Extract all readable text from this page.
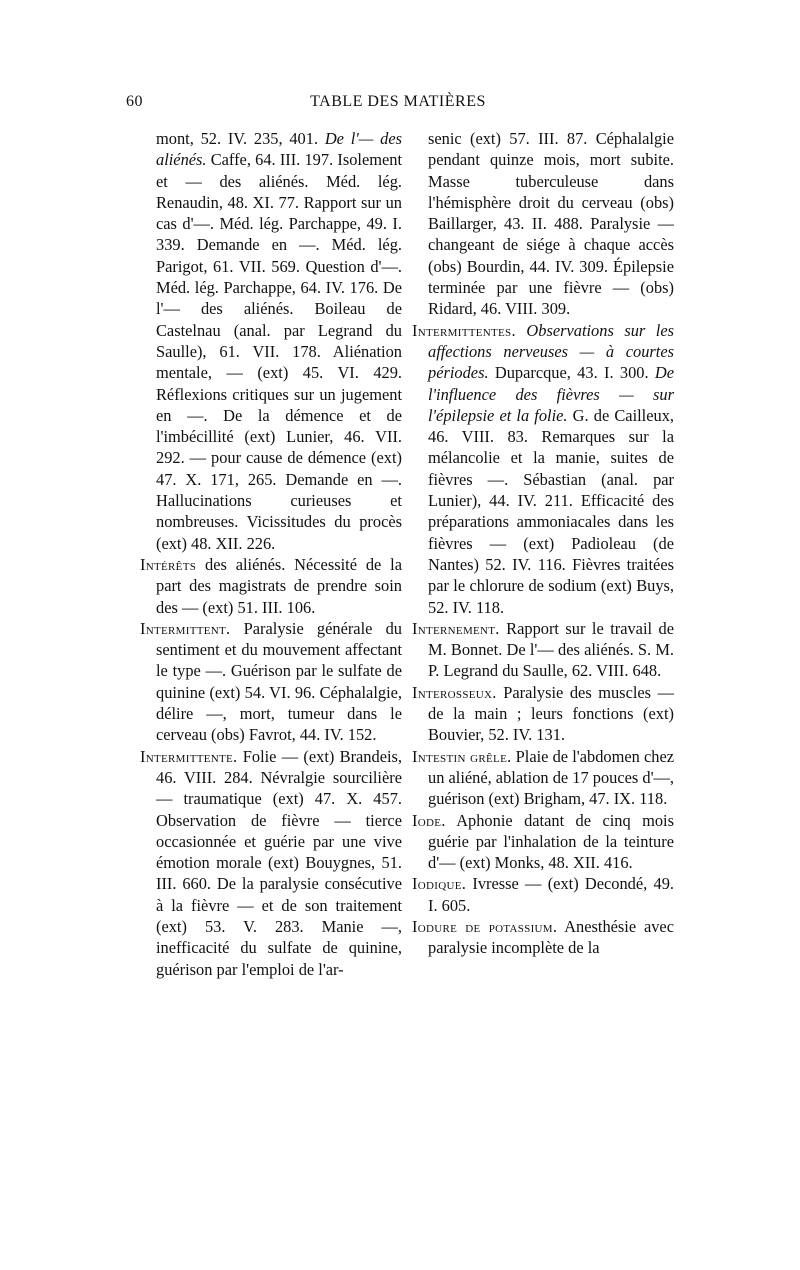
60	TABLE DES MATIÈRES

mont, 52. IV. 235, 401. De l'— des aliénés. Caffe, 64. III. 197. Isolement et — des aliénés. Méd. lég. Renaudin, 48. XI. 77. Rapport sur un cas d'—. Méd. lég. Parchappe, 49. I. 339. Demande en —. Méd. lég. Parigot, 61. VII. 569. Question d'—. Méd. lég. Parchappe, 64. IV. 176. De l'— des aliénés. Boileau de Castelnau (anal. par Legrand du Saulle), 61. VII. 178. Aliénation mentale, — (ext) 45. VI. 429. Réflexions critiques sur un jugement en —. De la démence et de l'imbécillité (ext) Lunier, 46. VII. 292. — pour cause de démence (ext) 47. X. 171, 265. Demande en —. Hallucinations curieuses et nombreuses. Vicissitudes du procès (ext) 48. XII. 226.

Intérêts des aliénés. Nécessité de la part des magistrats de prendre soin des — (ext) 51. III. 106.

Intermittent. Paralysie générale du sentiment et du mouvement affectant le type —. Guérison par le sulfate de quinine (ext) 54. VI. 96. Céphalalgie, délire —, mort, tumeur dans le cerveau (obs) Favrot, 44. IV. 152.

Intermittente. Folie — (ext) Brandeis, 46. VIII. 284. Névralgie sourcilière — traumatique (ext) 47. X. 457. Observation de fièvre — tierce occasionnée et guérie par une vive émotion morale (ext) Bouygnes, 51. III. 660. De la paralysie consécutive à la fièvre — et de son traitement (ext) 53. V. 283. Manie —, inefficacité du sulfate de quinine, guérison par l'emploi de l'ar-

senic (ext) 57. III. 87. Céphalalgie pendant quinze mois, mort subite. Masse tuberculeuse dans l'hémisphère droit du cerveau (obs) Baillarger, 43. II. 488. Paralysie — changeant de siége à chaque accès (obs) Bourdin, 44. IV. 309. Épilepsie terminée par une fièvre — (obs) Ridard, 46. VIII. 309.

Intermittentes. Observations sur les affections nerveuses — à courtes périodes. Duparcque, 43. I. 300. De l'influence des fièvres — sur l'épilepsie et la folie. G. de Cailleux, 46. VIII. 83. Remarques sur la mélancolie et la manie, suites de fièvres —. Sébastian (anal. par Lunier), 44. IV. 211. Efficacité des préparations ammoniacales dans les fièvres — (ext) Padioleau (de Nantes) 52. IV. 116. Fièvres traitées par le chlorure de sodium (ext) Buys, 52. IV. 118.

Internement. Rapport sur le travail de M. Bonnet. De l'— des aliénés. S. M. P. Legrand du Saulle, 62. VIII. 648.

Interosseux. Paralysie des muscles — de la main ; leurs fonctions (ext) Bouvier, 52. IV. 131.

Intestin grêle. Plaie de l'abdomen chez un aliéné, ablation de 17 pouces d'—, guérison (ext) Brigham, 47. IX. 118.

Iode. Aphonie datant de cinq mois guérie par l'inhalation de la teinture d'— (ext) Monks, 48. XII. 416.

Iodique. Ivresse — (ext) Decondé, 49. I. 605.

Iodure de potassium. Anesthésie avec paralysie incomplète de la
